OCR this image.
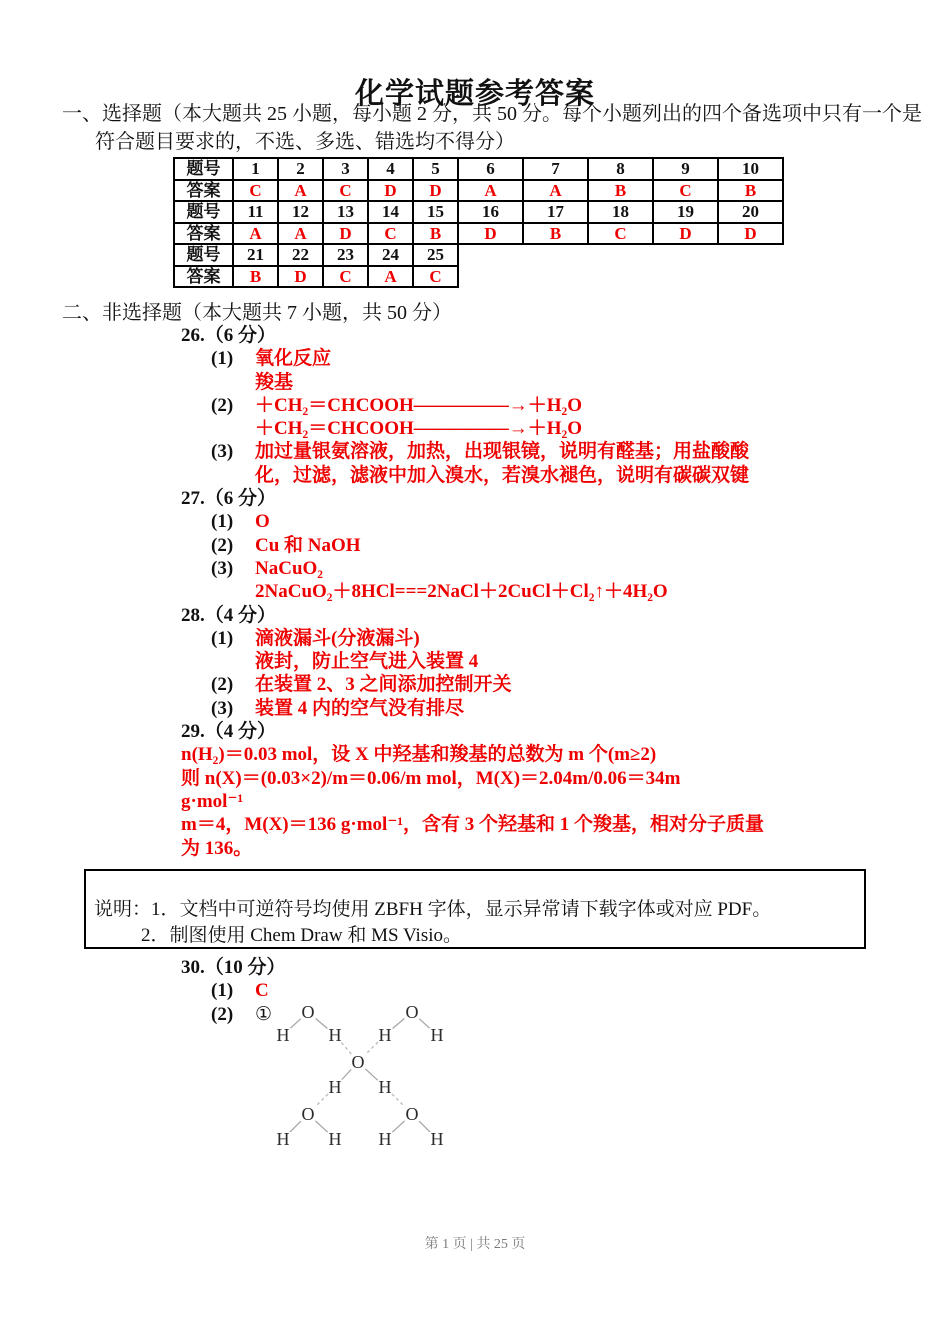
化学试题参考答案
一、选择题（本大题共 25 小题，每小题 2 分，共 50 分。每个小题列出的四个备选项中只有一个是
符合题目要求的，不选、多选、错选均不得分）
题号	1	2	3	4	5	6	7	8	9	10
答案	C	A	C	D	D	A	A	B	C	B
题号	11	12	13	14	15	16	17	18	19	20
答案	A	A	D	C	B	D	B	C	D	D
题号	21	22	23	24	25					
答案	B	D	C	A	C					
二、非选择题（本大题共 7 小题，共 50 分）
26.（6 分）
(1)	氧化反应
羧基
(2)	＋CH₂＝CHCOOH—————→＋H₂O
＋CH₂＝CHCOOH—————→＋H₂O
(3)	加过量银氨溶液，加热，出现银镜，说明有醛基；用盐酸酸
化，过滤，滤液中加入溴水，若溴水褪色，说明有碳碳双键
27.（6 分）
(1)	O
(2)	Cu 和 NaOH
(3)	NaCuO₂
2NaCuO₂＋8HCl===2NaCl＋2CuCl＋Cl₂↑＋4H₂O
28.（4 分）
(1)	滴液漏斗(分液漏斗)
液封，防止空气进入装置 4
(2)	在装置 2、3 之间添加控制开关
(3)	装置 4 内的空气没有排尽
29.（4 分）
n(H₂)＝0.03 mol，设 X 中羟基和羧基的总数为 m 个(m≥2)
则 n(X)＝(0.03×2)/m＝0.06/m mol，M(X)＝2.04m/0.06＝34m
g·mol⁻¹
m＝4，M(X)＝136 g·mol⁻¹，含有 3 个羟基和 1 个羧基，相对分子质量
为 136。
说明：1．文档中可逆符号均使用 ZBFH 字体，显示异常请下载字体或对应 PDF。
2．制图使用 Chem Draw 和 MS Visio。
30.（10 分）
(1)	C
(2)	① O
H H
O
H H
O
H H
O
H H
O
H H
第 1 页 | 共 25 页
